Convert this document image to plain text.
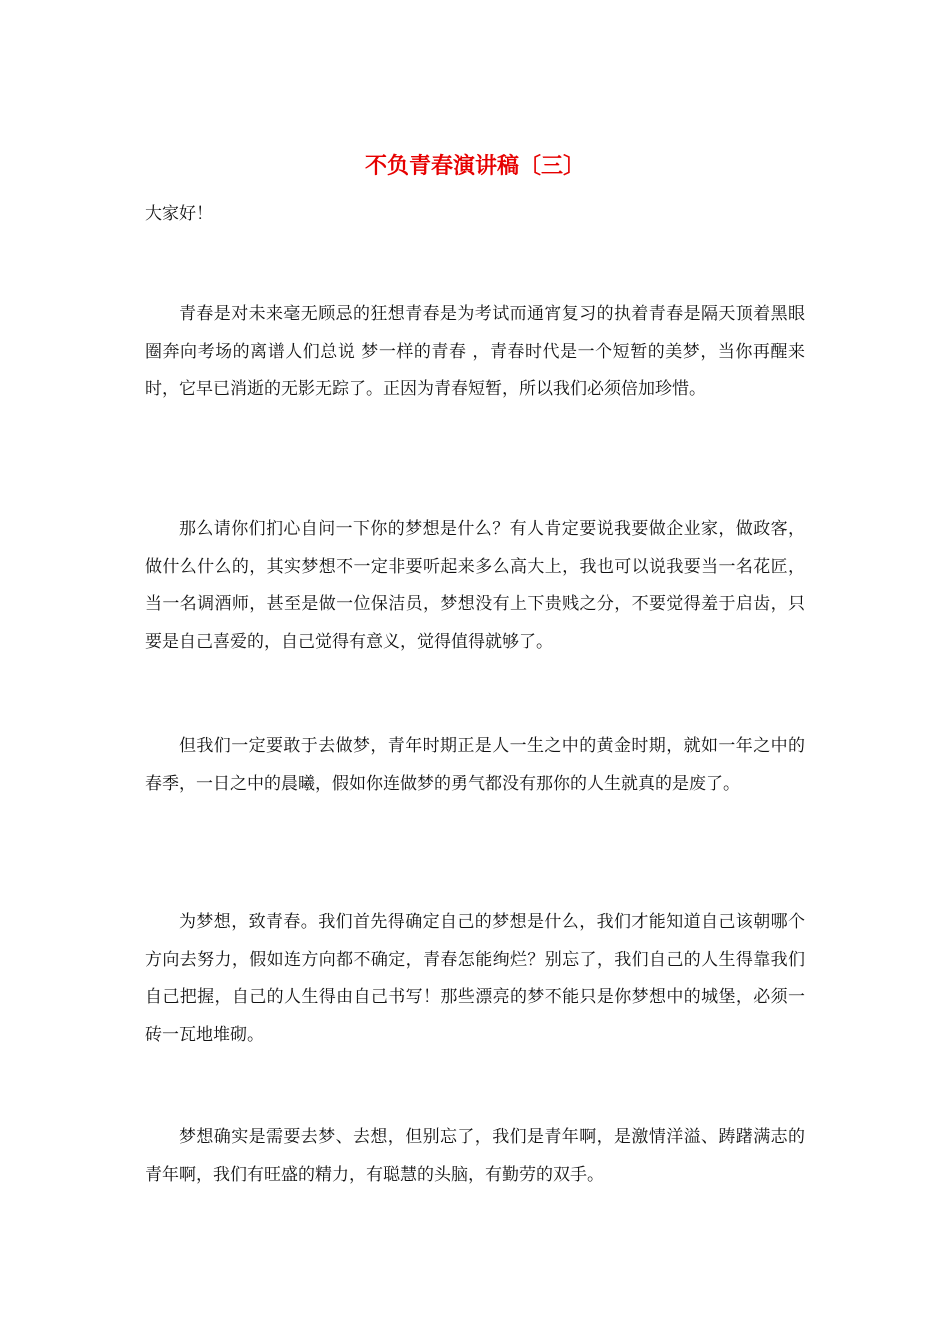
不负青春演讲稿〔三〕

大家好！

青春是对未来毫无顾忌的狂想青春是为考试而通宵复习的执着青春是隔天顶着黑眼圈奔向考场的离谱人们总说 梦一样的青春 ，青春时代是一个短暂的美梦，当你再醒来时，它早已消逝的无影无踪了。正因为青春短暂，所以我们必须倍加珍惜。

那么请你们扪心自问一下你的梦想是什么？有人肯定要说我要做企业家，做政客，做什么什么的，其实梦想不一定非要听起来多么高大上，我也可以说我要当一名花匠，当一名调酒师，甚至是做一位保洁员，梦想没有上下贵贱之分，不要觉得羞于启齿，只要是自己喜爱的，自己觉得有意义，觉得值得就够了。

但我们一定要敢于去做梦，青年时期正是人一生之中的黄金时期，就如一年之中的春季，一日之中的晨曦，假如你连做梦的勇气都没有那你的人生就真的是废了。

为梦想，致青春。我们首先得确定自己的梦想是什么，我们才能知道自己该朝哪个方向去努力，假如连方向都不确定，青春怎能绚烂？别忘了，我们自己的人生得靠我们自己把握，自己的人生得由自己书写！那些漂亮的梦不能只是你梦想中的城堡，必须一砖一瓦地堆砌。

梦想确实是需要去梦、去想，但别忘了，我们是青年啊，是激情洋溢、踌躇满志的青年啊，我们有旺盛的精力，有聪慧的头脑，有勤劳的双手。
